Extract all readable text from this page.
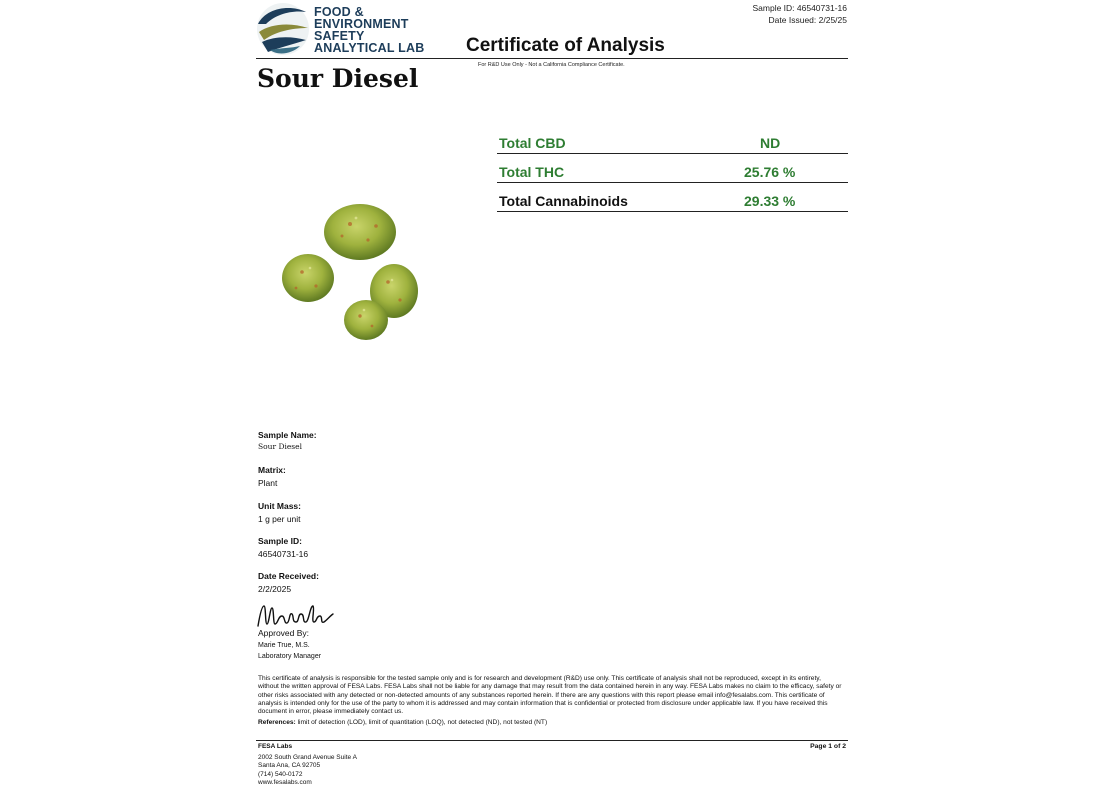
FOOD &
ENVIRONMENT
SAFETY
ANALYTICAL LAB
Sample ID: 46540731-16
Date Issued: 2/25/25
Certificate of Analysis
For R&D Use Only - Not a California Compliance Certificate.
Sour Diesel
Total CBD	ND
Total THC	25.76 %
Total Cannabinoids	29.33 %
Sample Name:
Sour Diesel
Matrix:
Plant
Unit Mass:
1 g per unit
Sample ID:
46540731-16
Date Received:
2/2/2025
Approved By:
Marie True, M.S.
Laboratory Manager
This certificate of analysis is responsible for the tested sample only and is for research and development (R&D) use only. This certificate of analysis shall not be reproduced, except in its entirety, without the written approval of FESA Labs. FESA Labs shall not be liable for any damage that may result from the data contained herein in any way. FESA Labs makes no claim to the efficacy, safety or other risks associated with any detected or non-detected amounts of any substances reported herein. If there are any questions with this report please email info@fesalabs.com. This certificate of analysis is intended only for the use of the party to whom it is addressed and may contain information that is confidential or protected from disclosure under applicable law. If you have received this document in error, please immediately contact us.
References: limit of detection (LOD), limit of quantitation (LOQ), not detected (ND), not tested (NT)
FESA Labs
2002 South Grand Avenue Suite A
Santa Ana, CA 92705
(714) 540-0172
www.fesalabs.com
Page 1 of 2
